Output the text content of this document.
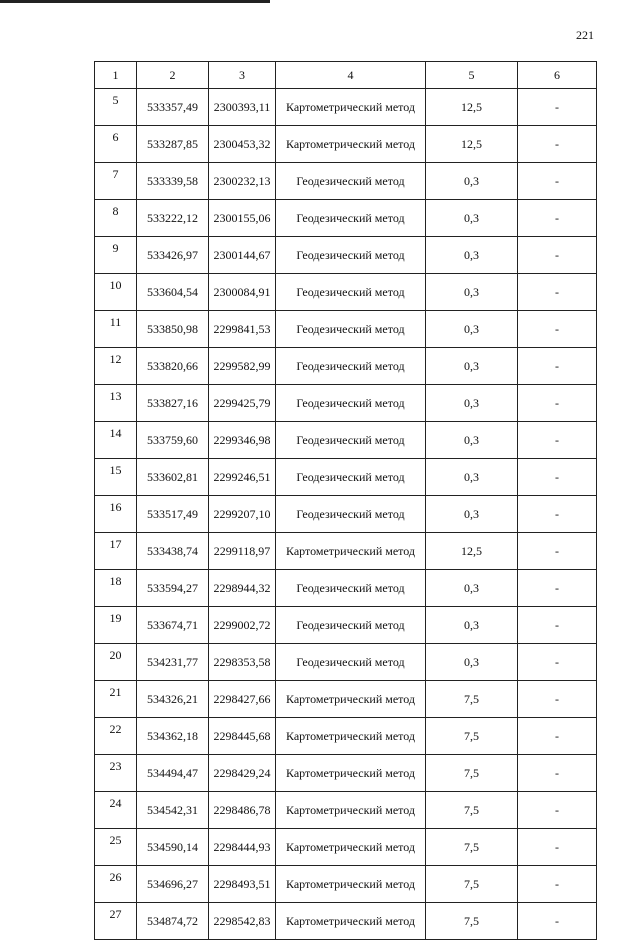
221
1	2	3	4	5	6
5	533357,49	2300393,11	Картометрический метод	12,5	-
6	533287,85	2300453,32	Картометрический метод	12,5	-
7	533339,58	2300232,13	Геодезический метод	0,3	-
8	533222,12	2300155,06	Геодезический метод	0,3	-
9	533426,97	2300144,67	Геодезический метод	0,3	-
10	533604,54	2300084,91	Геодезический метод	0,3	-
11	533850,98	2299841,53	Геодезический метод	0,3	-
12	533820,66	2299582,99	Геодезический метод	0,3	-
13	533827,16	2299425,79	Геодезический метод	0,3	-
14	533759,60	2299346,98	Геодезический метод	0,3	-
15	533602,81	2299246,51	Геодезический метод	0,3	-
16	533517,49	2299207,10	Геодезический метод	0,3	-
17	533438,74	2299118,97	Картометрический метод	12,5	-
18	533594,27	2298944,32	Геодезический метод	0,3	-
19	533674,71	2299002,72	Геодезический метод	0,3	-
20	534231,77	2298353,58	Геодезический метод	0,3	-
21	534326,21	2298427,66	Картометрический метод	7,5	-
22	534362,18	2298445,68	Картометрический метод	7,5	-
23	534494,47	2298429,24	Картометрический метод	7,5	-
24	534542,31	2298486,78	Картометрический метод	7,5	-
25	534590,14	2298444,93	Картометрический метод	7,5	-
26	534696,27	2298493,51	Картометрический метод	7,5	-
27	534874,72	2298542,83	Картометрический метод	7,5	-
